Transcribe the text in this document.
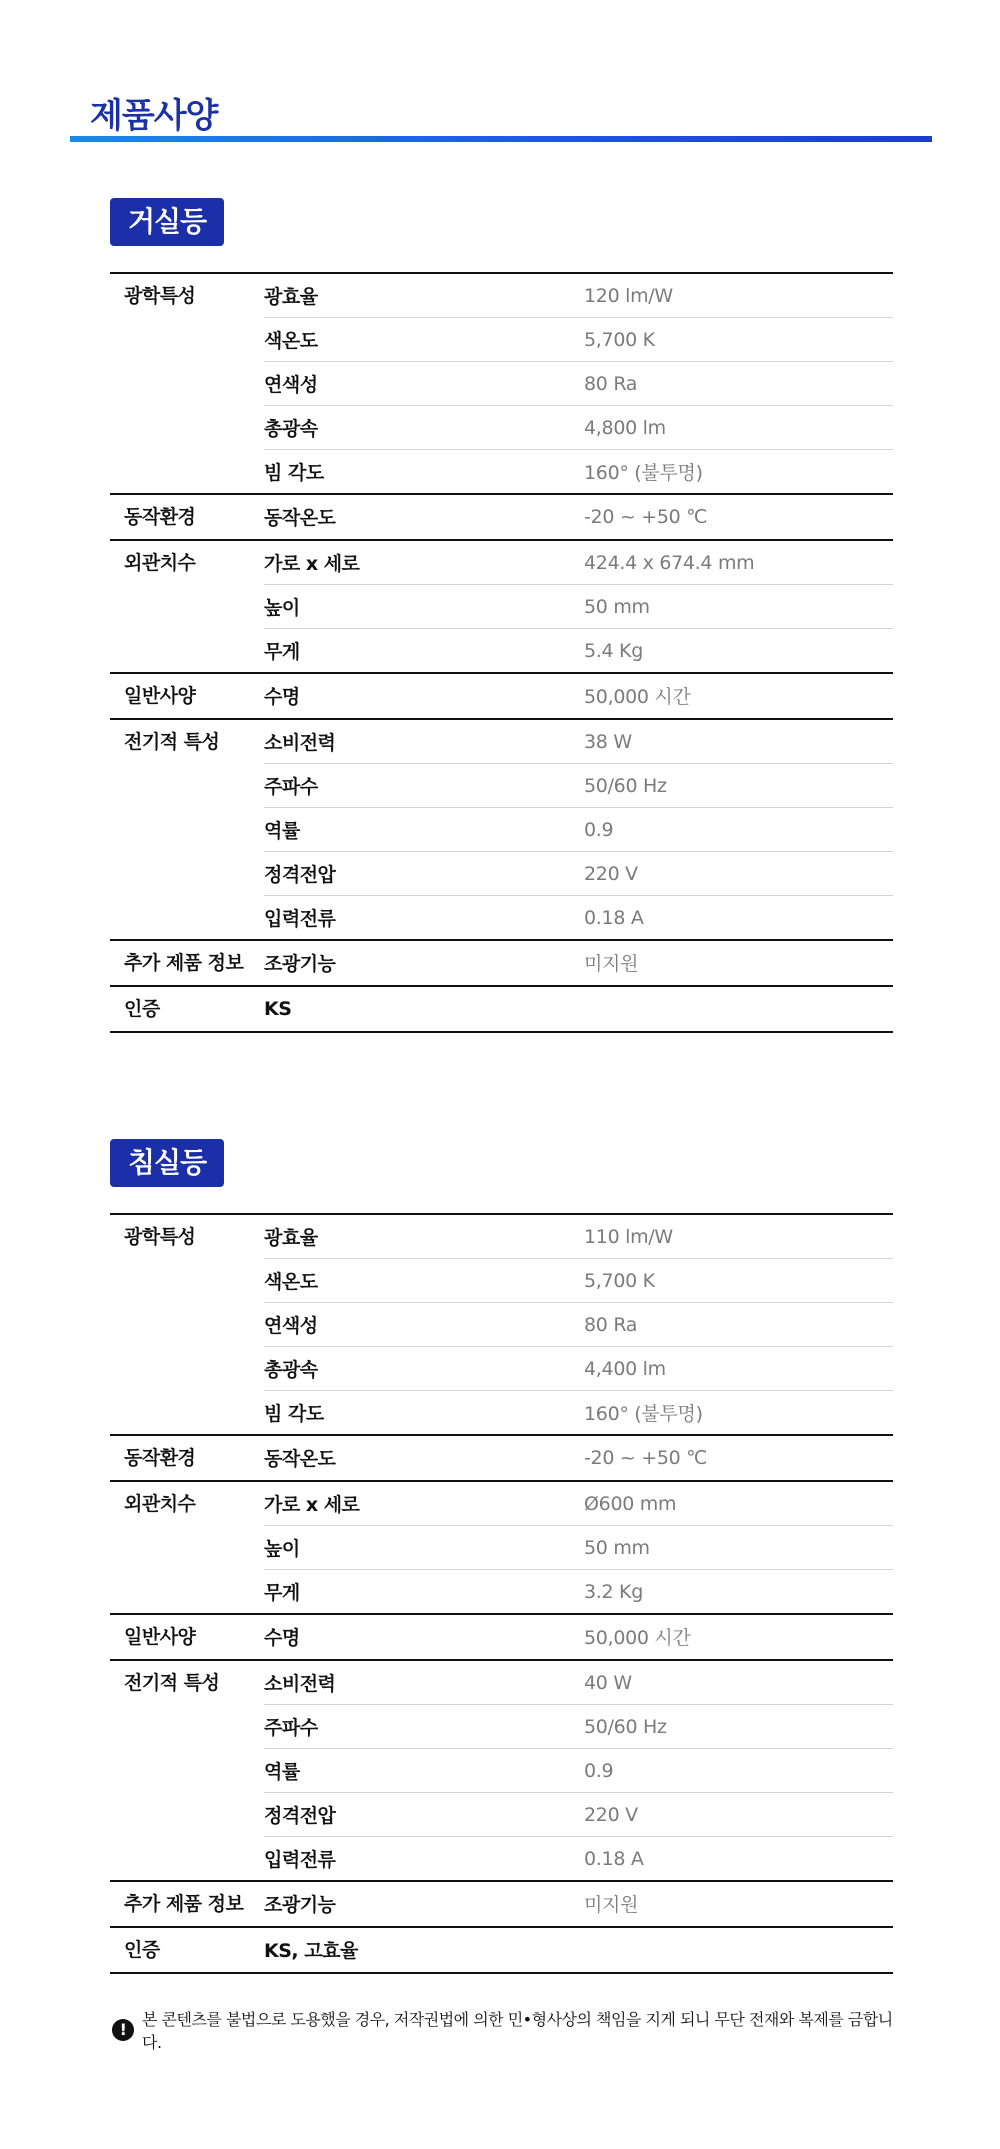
제품사양
거실등
광학특성	광효율	120 lm/W
색온도	5,700 K
연색성	80 Ra
총광속	4,800 lm
빔 각도	160° (불투명)
동작환경	동작온도	-20 ~ +50 ℃
외관치수	가로 x 세로	424.4 x 674.4 mm
높이	50 mm
무게	5.4 Kg
일반사양	수명	50,000 시간
전기적 특성	소비전력	38 W
주파수	50/60 Hz
역률	0.9
정격전압	220 V
입력전류	0.18 A
추가 제품 정보	조광기능	미지원
인증	KS
침실등
광학특성	광효율	110 lm/W
색온도	5,700 K
연색성	80 Ra
총광속	4,400 lm
빔 각도	160° (불투명)
동작환경	동작온도	-20 ~ +50 ℃
외관치수	가로 x 세로	Ø600 mm
높이	50 mm
무게	3.2 Kg
일반사양	수명	50,000 시간
전기적 특성	소비전력	40 W
주파수	50/60 Hz
역률	0.9
정격전압	220 V
입력전류	0.18 A
추가 제품 정보	조광기능	미지원
인증	KS, 고효율
!
본 콘텐츠를 불법으로 도용했을 경우, 저작권법에 의한 민•형사상의 책임을 지게 되니 무단 전재와 복제를 금합니다.
